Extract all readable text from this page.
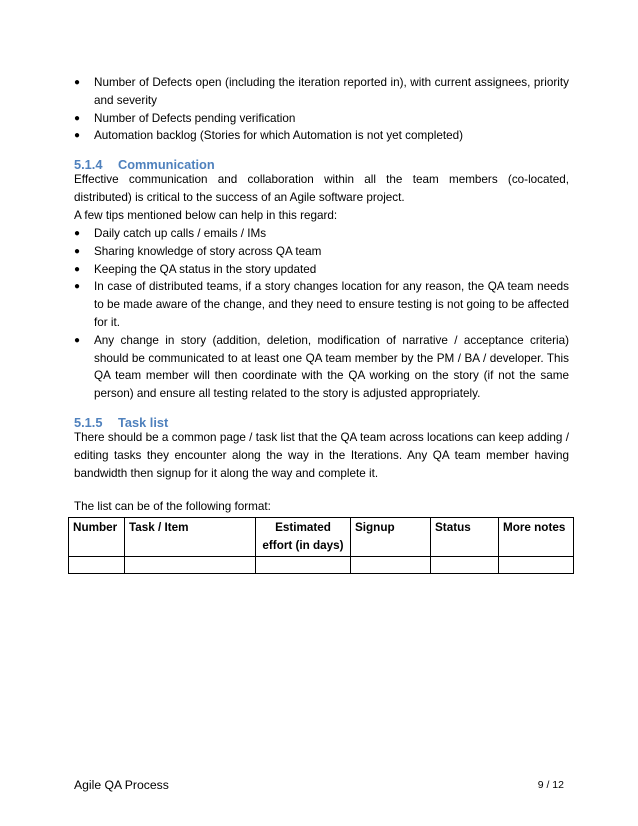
●	Number of Defects open (including the iteration reported in), with current assignees, priority and severity
●	Number of Defects pending verification
●	Automation backlog (Stories for which Automation is not yet completed)
5.1.4 Communication
Effective communication and collaboration within all the team members (co-located,
distributed) is critical to the success of an Agile software project.
A few tips mentioned below can help in this regard:
●	Daily catch up calls / emails / IMs
●	Sharing knowledge of story across QA team
●	Keeping the QA status in the story updated
●	In case of distributed teams, if a story changes location for any reason, the QA team needs to be made aware of the change, and they need to ensure testing is not going to be affected for it.
●	Any change in story (addition, deletion, modification of narrative / acceptance criteria) should be communicated to at least one QA team member by the PM / BA / developer. This QA team member will then coordinate with the QA working on the story (if not the same person) and ensure all testing related to the story is adjusted appropriately.
5.1.5 Task list
There should be a common page / task list that the QA team across locations can keep adding /
editing tasks they encounter along the way in the Iterations. Any QA team member having
bandwidth then signup for it along the way and complete it.
The list can be of the following format:
Number	Task / Item	Estimated effort (in days)	Signup	Status	More notes

Agile QA Process	9 / 12
